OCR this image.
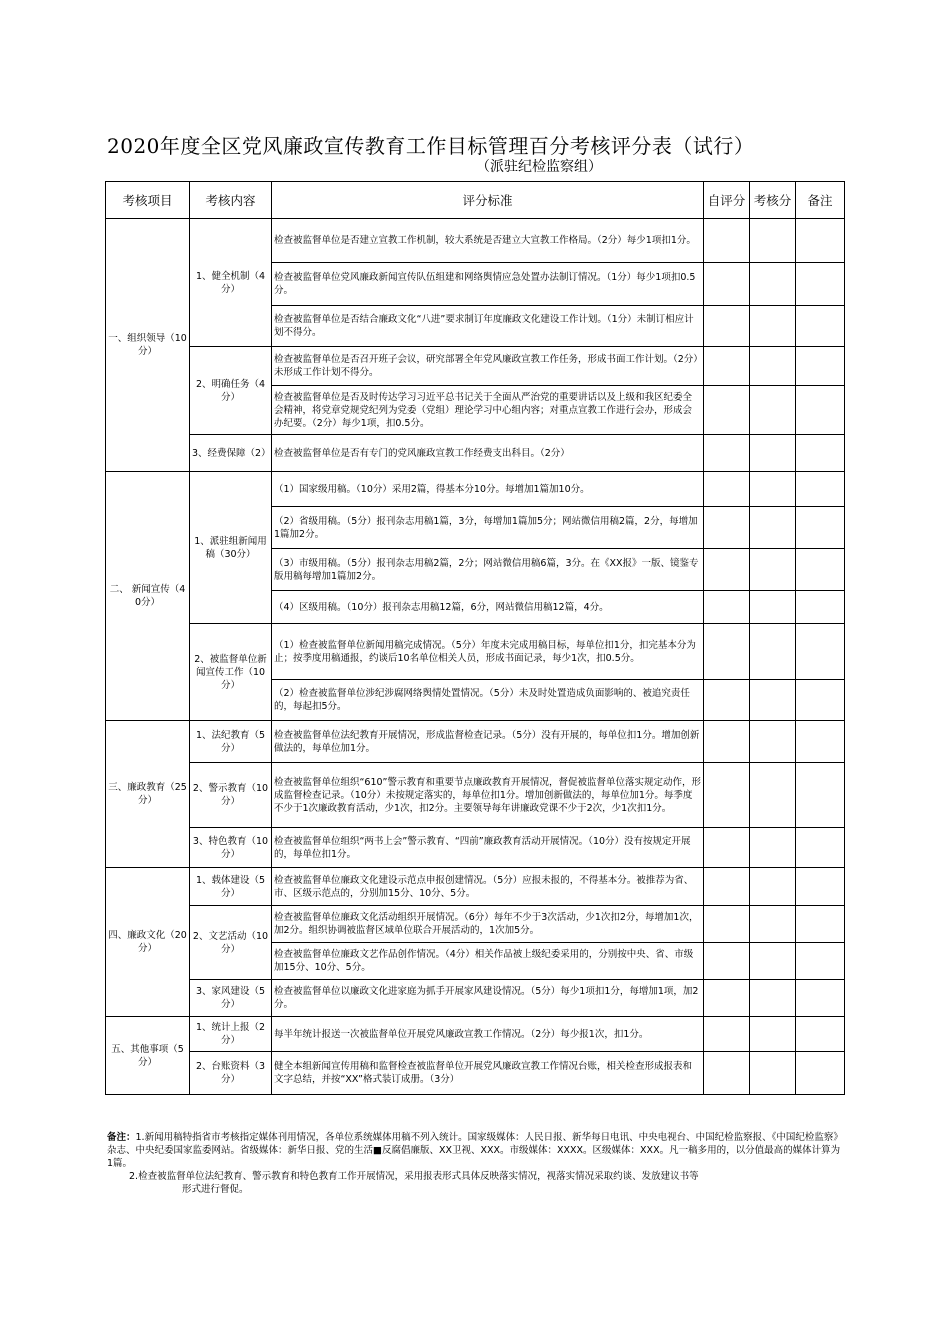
2020年度全区党风廉政宣传教育工作目标管理百分考核评分表（试行）
（派驻纪检监察组）
考核项目	考核内容	评分标准	自评分	考核分	备注
一、组织领导（10分）	1、健全机制（4分）	检查被监督单位是否建立宣教工作机制，较大系统是否建立大宣教工作格局。（2分）每少1项扣1分。			
		检查被监督单位党风廉政新闻宣传队伍组建和网络舆情应急处置办法制订情况。（1分）每少1项扣0.5分。			
		检查被监督单位是否结合廉政文化“八进”要求制订年度廉政文化建设工作计划。（1分）未制订相应计划不得分。			
	2、明确任务（4分）	检查被监督单位是否召开班子会议，研究部署全年党风廉政宣教工作任务，形成书面工作计划。（2分）未形成工作计划不得分。			
		检查被监督单位是否及时传达学习习近平总书记关于全面从严治党的重要讲话以及上级和我区纪委全会精神，将党章党规党纪列为党委（党组）理论学习中心组内容；对重点宣教工作进行会办，形成会办纪要。（2分）每少1项，扣0.5分。			
	3、经费保障（2）	检查被监督单位是否有专门的党风廉政宣教工作经费支出科目。（2分）			
二、 新闻宣传（40分）	1、派驻组新闻用稿（30分）	（1）国家级用稿。（10分）采用2篇，得基本分10分。每增加1篇加10分。			
		（2）省级用稿。（5分）报刊杂志用稿1篇，3分，每增加1篇加5分；网站微信用稿2篇，2分，每增加1篇加2分。			
		（3）市级用稿。（5分）报刊杂志用稿2篇，2分；网站微信用稿6篇，3分。在《XX报》一版、镜鉴专版用稿每增加1篇加2分。			
		（4）区级用稿。（10分）报刊杂志用稿12篇，6分，网站微信用稿12篇，4分。			
	2、被监督单位新闻宣传工作（10分）	（1）检查被监督单位新闻用稿完成情况。（5分）年度未完成用稿目标，每单位扣1分，扣完基本分为止；按季度用稿通报，约谈后10名单位相关人员，形成书面记录，每少1次，扣0.5分。			
		（2）检查被监督单位涉纪涉腐网络舆情处置情况。（5分）未及时处置造成负面影响的、被追究责任的，每起扣5分。			
三、廉政教育（25分）	1、法纪教育（5分）	检查被监督单位法纪教育开展情况，形成监督检查记录。（5分）没有开展的，每单位扣1分。增加创新做法的，每单位加1分。			
	2、警示教育（10分）	检查被监督单位组织“610”警示教育和重要节点廉政教育开展情况，督促被监督单位落实规定动作，形成监督检查记录。（10分）未按规定落实的，每单位扣1分。增加创新做法的，每单位加1分。每季度不少于1次廉政教育活动，少1次，扣2分。主要领导每年讲廉政党课不少于2次，少1次扣1分。			
	3、特色教育（10分）	检查被监督单位组织“两书上会”警示教育、“四前”廉政教育活动开展情况。（10分）没有按规定开展的，每单位扣1分。			
四、廉政文化（20分）	1、载体建设（5分）	检查被监督单位廉政文化建设示范点申报创建情况。（5分）应报未报的，不得基本分。被推荐为省、市、区级示范点的，分别加15分、10分、5分。			
	2、文艺活动（10分）	检查被监督单位廉政文化活动组织开展情况。（6分）每年不少于3次活动，少1次扣2分，每增加1次，加2分。组织协调被监督区域单位联合开展活动的，1次加5分。			
		检查被监督单位廉政文艺作品创作情况。（4分）相关作品被上级纪委采用的，分别按中央、省、市级加15分、10分、5分。			
	3、家风建设（5分）	检查被监督单位以廉政文化进家庭为抓手开展家风建设情况。（5分）每少1项扣1分，每增加1项，加2分。			
五、其他事项（5分）	1、统计上报（2分）	每半年统计报送一次被监督单位开展党风廉政宣教工作情况。（2分）每少报1次，扣1分。			
	2、台账资料（3分）	健全本组新闻宣传用稿和监督检查被监督单位开展党风廉政宣教工作情况台账，相关检查形成报表和文字总结，并按“XX”格式装订成册。（3分）			

备注：1.新闻用稿特指省市考核指定媒体刊用情况，各单位系统媒体用稿不列入统计。国家级媒体：人民日报、新华每日电讯、中央电视台、中国纪检监察报、《中国纪检监察》杂志、中央纪委国家监委网站。省级媒体：新华日报、党的生活■反腐倡廉版、XX卫视、XXX。市级媒体：XXXX。区级媒体：XXX。凡一稿多用的，以分值最高的媒体计算为1篇。

2.检查被监督单位法纪教育、警示教育和特色教育工作开展情况，采用报表形式具体反映落实情况，视落实情况采取约谈、发放建议书等

形式进行督促。
